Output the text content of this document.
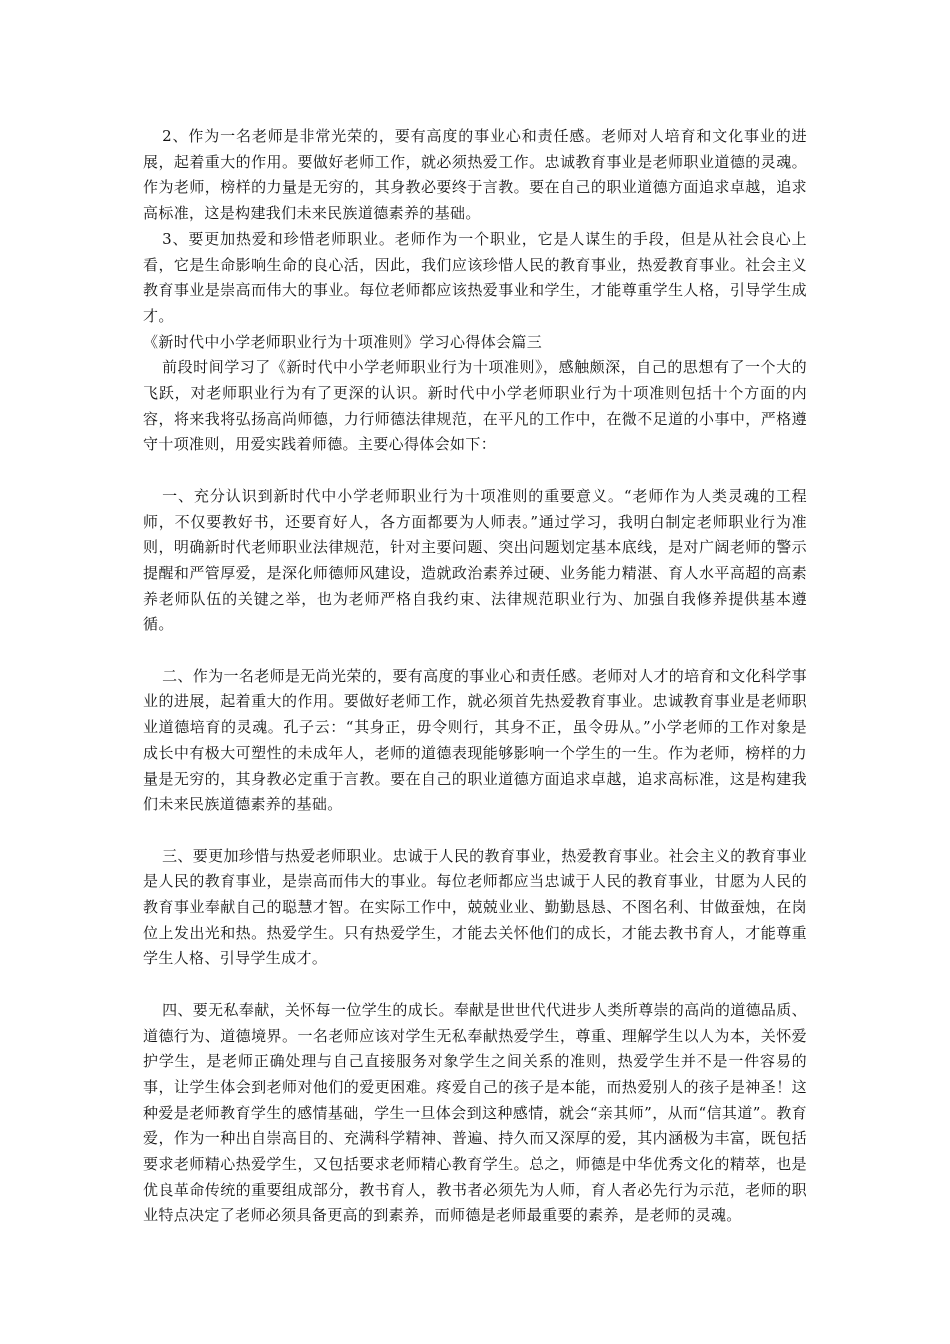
2、作为一名老师是非常光荣的，要有高度的事业心和责任感。老师对人培育和文化事业的进展，起着重大的作用。要做好老师工作，就必须热爱工作。忠诚教育事业是老师职业道德的灵魂。作为老师，榜样的力量是无穷的，其身教必要终于言教。要在自己的职业道德方面追求卓越，追求高标准，这是构建我们未来民族道德素养的基础。

3、要更加热爱和珍惜老师职业。老师作为一个职业，它是人谋生的手段，但是从社会良心上看，它是生命影响生命的良心活，因此，我们应该珍惜人民的教育事业，热爱教育事业。社会主义教育事业是崇高而伟大的事业。每位老师都应该热爱事业和学生，才能尊重学生人格，引导学生成才。

《新时代中小学老师职业行为十项准则》学习心得体会篇三

前段时间学习了《新时代中小学老师职业行为十项准则》，感触颇深，自己的思想有了一个大的飞跃，对老师职业行为有了更深的认识。新时代中小学老师职业行为十项准则包括十个方面的内容，将来我将弘扬高尚师德，力行师德法律规范，在平凡的工作中，在微不足道的小事中，严格遵守十项准则，用爱实践着师德。主要心得体会如下：

一、充分认识到新时代中小学老师职业行为十项准则的重要意义。“老师作为人类灵魂的工程师，不仅要教好书，还要育好人，各方面都要为人师表。”通过学习，我明白制定老师职业行为准则，明确新时代老师职业法律规范，针对主要问题、突出问题划定基本底线，是对广阔老师的警示提醒和严管厚爱，是深化师德师风建设，造就政治素养过硬、业务能力精湛、育人水平高超的高素养老师队伍的关键之举，也为老师严格自我约束、法律规范职业行为、加强自我修养提供基本遵循。

二、作为一名老师是无尚光荣的，要有高度的事业心和责任感。老师对人才的培育和文化科学事业的进展，起着重大的作用。要做好老师工作，就必须首先热爱教育事业。忠诚教育事业是老师职业道德培育的灵魂。孔子云：“其身正，毋令则行，其身不正，虽令毋从。”小学老师的工作对象是成长中有极大可塑性的未成年人，老师的道德表现能够影响一个学生的一生。作为老师，榜样的力量是无穷的，其身教必定重于言教。要在自己的职业道德方面追求卓越，追求高标准，这是构建我们未来民族道德素养的基础。

三、要更加珍惜与热爱老师职业。忠诚于人民的教育事业，热爱教育事业。社会主义的教育事业是人民的教育事业，是崇高而伟大的事业。每位老师都应当忠诚于人民的教育事业，甘愿为人民的教育事业奉献自己的聪慧才智。在实际工作中，兢兢业业、勤勤恳恳、不图名利、甘做蚕烛，在岗位上发出光和热。热爱学生。只有热爱学生，才能去关怀他们的成长，才能去教书育人，才能尊重学生人格、引导学生成才。

四、要无私奉献，关怀每一位学生的成长。奉献是世世代代进步人类所尊崇的高尚的道德品质、道德行为、道德境界。一名老师应该对学生无私奉献热爱学生，尊重、理解学生以人为本，关怀爱护学生，是老师正确处理与自己直接服务对象学生之间关系的准则，热爱学生并不是一件容易的事，让学生体会到老师对他们的爱更困难。疼爱自己的孩子是本能，而热爱别人的孩子是神圣！这种爱是老师教育学生的感情基础，学生一旦体会到这种感情，就会“亲其师”，从而“信其道”。教育爱，作为一种出自崇高目的、充满科学精神、普遍、持久而又深厚的爱，其内涵极为丰富，既包括要求老师精心热爱学生，又包括要求老师精心教育学生。总之，师德是中华优秀文化的精萃，也是优良革命传统的重要组成部分，教书育人，教书者必须先为人师，育人者必先行为示范，老师的职业特点决定了老师必须具备更高的到素养，而师德是老师最重要的素养，是老师的灵魂。
